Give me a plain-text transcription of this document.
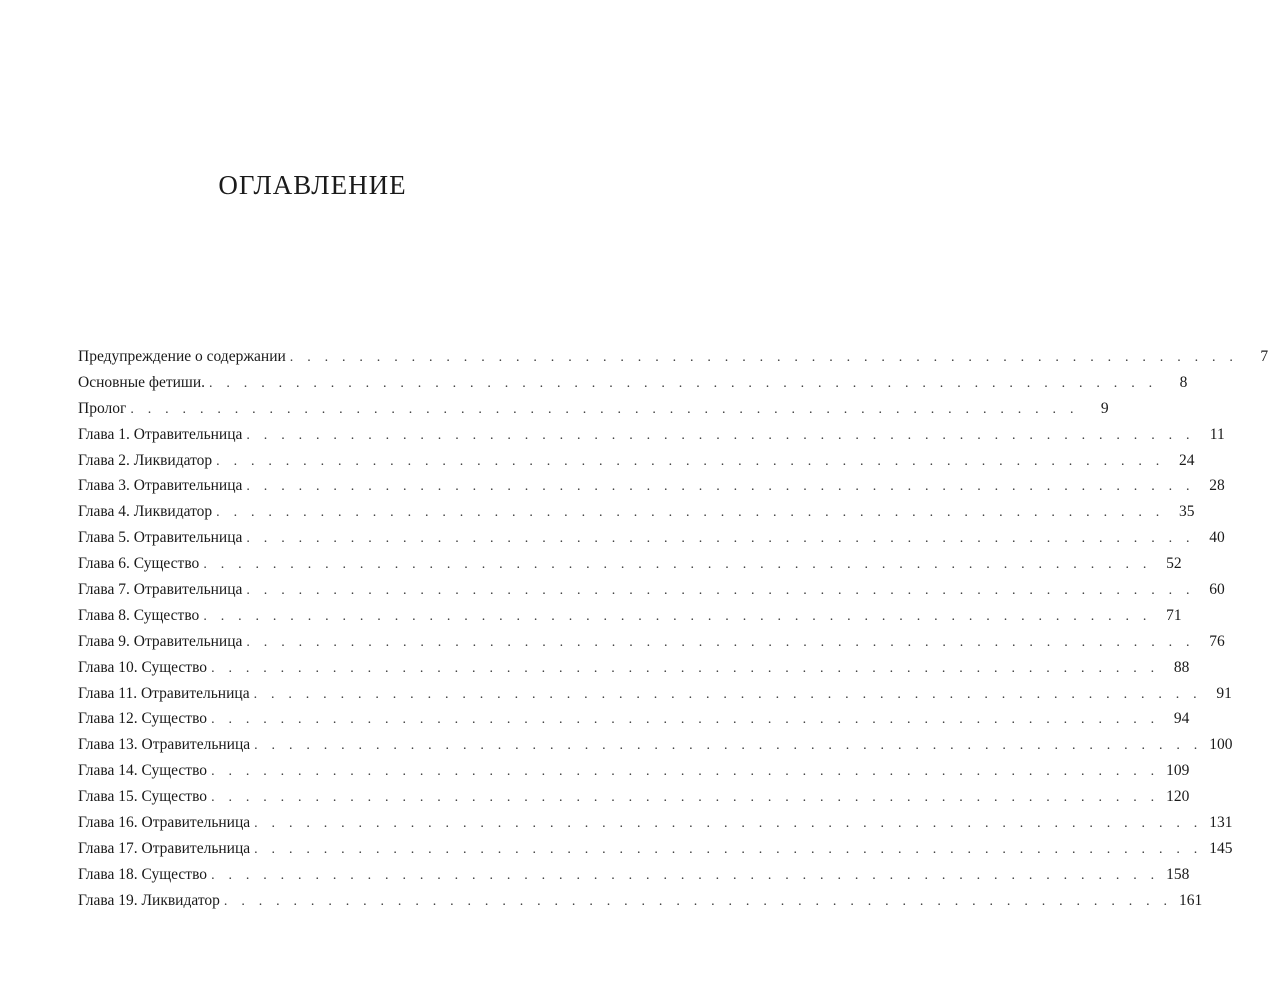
ОГЛАВЛЕНИЕ
Предупреждение о содержании . . . . . . . . . . . . . . . . . . . . . . . . . . . . . . . . . . . . . . . . . . . . . . . . . . . . . . .	7
Основные фетиши. . . . . . . . . . . . . . . . . . . . . . . . . . . . . . . . . . . . . . . . . . . . . . . . . . . . . . . .	8
Пролог . . . . . . . . . . . . . . . . . . . . . . . . . . . . . . . . . . . . . . . . . . . . . . . . . . . . . . .	9
Глава 1. Отравительница . . . . . . . . . . . . . . . . . . . . . . . . . . . . . . . . . . . . . . . . . . . . . . . . . . . . . . . 11
Глава 2. Ликвидатор . . . . . . . . . . . . . . . . . . . . . . . . . . . . . . . . . . . . . . . . . . . . . . . . . . . . . . . 24
Глава 3. Отравительница . . . . . . . . . . . . . . . . . . . . . . . . . . . . . . . . . . . . . . . . . . . . . . . . . . . . . . . 28
Глава 4. Ликвидатор . . . . . . . . . . . . . . . . . . . . . . . . . . . . . . . . . . . . . . . . . . . . . . . . . . . . . . . 35
Глава 5. Отравительница . . . . . . . . . . . . . . . . . . . . . . . . . . . . . . . . . . . . . . . . . . . . . . . . . . . . . . . 40
Глава 6. Существо . . . . . . . . . . . . . . . . . . . . . . . . . . . . . . . . . . . . . . . . . . . . . . . . . . . . . . . 52
Глава 7. Отравительница . . . . . . . . . . . . . . . . . . . . . . . . . . . . . . . . . . . . . . . . . . . . . . . . . . . . . . . 60
Глава 8. Существо . . . . . . . . . . . . . . . . . . . . . . . . . . . . . . . . . . . . . . . . . . . . . . . . . . . . . . . 71
Глава 9. Отравительница . . . . . . . . . . . . . . . . . . . . . . . . . . . . . . . . . . . . . . . . . . . . . . . . . . . . . . . 76
Глава 10. Существо . . . . . . . . . . . . . . . . . . . . . . . . . . . . . . . . . . . . . . . . . . . . . . . . . . . . . . . 88
Глава 11. Отравительница . . . . . . . . . . . . . . . . . . . . . . . . . . . . . . . . . . . . . . . . . . . . . . . . . . . . . . . 91
Глава 12. Существо . . . . . . . . . . . . . . . . . . . . . . . . . . . . . . . . . . . . . . . . . . . . . . . . . . . . . . . 94
Глава 13. Отравительница . . . . . . . . . . . . . . . . . . . . . . . . . . . . . . . . . . . . . . . . . . . . . . . . . . . . . . . 100
Глава 14. Существо . . . . . . . . . . . . . . . . . . . . . . . . . . . . . . . . . . . . . . . . . . . . . . . . . . . . . . . 109
Глава 15. Существо . . . . . . . . . . . . . . . . . . . . . . . . . . . . . . . . . . . . . . . . . . . . . . . . . . . . . . . 120
Глава 16. Отравительница . . . . . . . . . . . . . . . . . . . . . . . . . . . . . . . . . . . . . . . . . . . . . . . . . . . . . . . 131
Глава 17. Отравительница . . . . . . . . . . . . . . . . . . . . . . . . . . . . . . . . . . . . . . . . . . . . . . . . . . . . . . . 145
Глава 18. Существо . . . . . . . . . . . . . . . . . . . . . . . . . . . . . . . . . . . . . . . . . . . . . . . . . . . . . . . 158
Глава 19. Ликвидатор . . . . . . . . . . . . . . . . . . . . . . . . . . . . . . . . . . . . . . . . . . . . . . . . . . . . . . . 161
